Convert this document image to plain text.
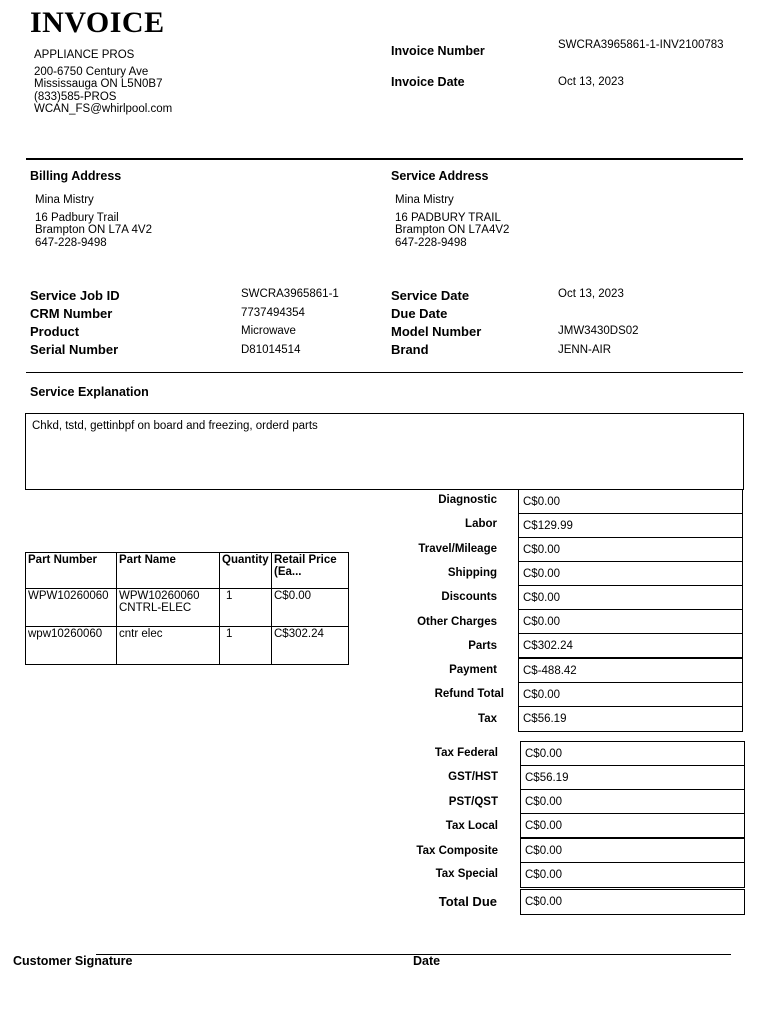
INVOICE
APPLIANCE PROS
200-6750 Century Ave
Mississauga ON L5N0B7
(833)585-PROS
WCAN_FS@whirlpool.com
Invoice Number	SWCRA3965861-1-INV2100783
Invoice Date	Oct 13, 2023
Billing Address
Mina Mistry
16 Padbury Trail
Brampton ON L7A 4V2
647-228-9498
Service Address
Mina Mistry
16 PADBURY TRAIL
Brampton ON L7A4V2
647-228-9498
Service Job ID	SWCRA3965861-1
CRM Number	7737494354
Product	Microwave
Serial Number	D81014514
Service Date	Oct 13, 2023
Due Date
Model Number	JMW3430DS02
Brand	JENN-AIR
Service Explanation
Chkd, tstd, gettinbpf on board and freezing, orderd parts
Part Number	Part Name	Quantity	Retail Price (Ea...
WPW10260060	WPW10260060 CNTRL-ELEC	1	C$0.00
wpw10260060	cntr elec	1	C$302.24
Diagnostic	C$0.00
Labor	C$129.99
Travel/Mileage	C$0.00
Shipping	C$0.00
Discounts	C$0.00
Other Charges	C$0.00
Parts	C$302.24
Payment	C$-488.42
Refund Total	C$0.00
Tax	C$56.19
Tax Federal	C$0.00
GST/HST	C$56.19
PST/QST	C$0.00
Tax Local	C$0.00
Tax Composite	C$0.00
Tax Special	C$0.00
Total Due	C$0.00
Customer Signature	Date
